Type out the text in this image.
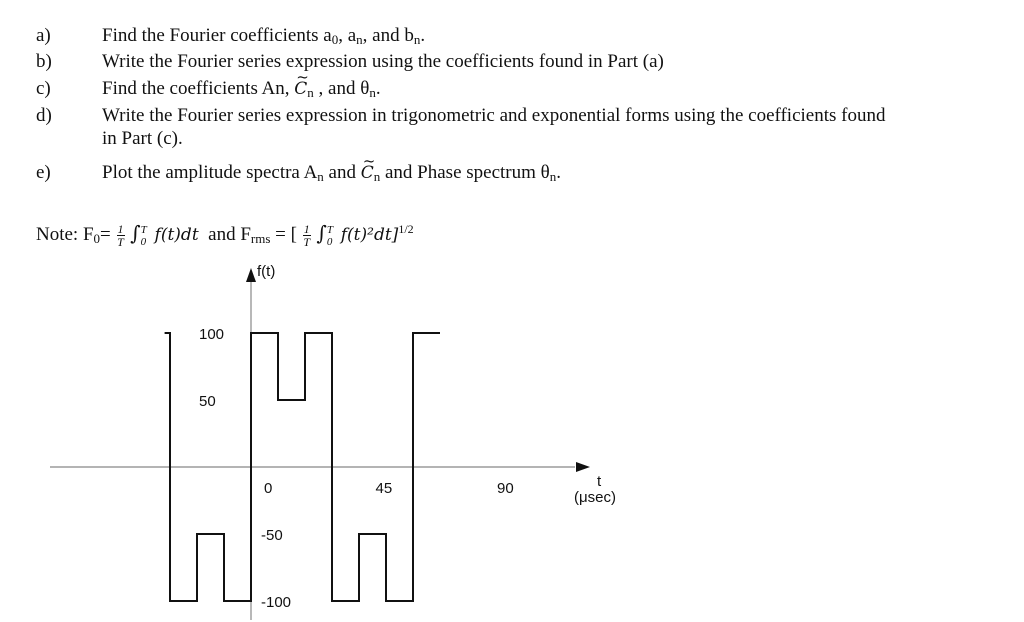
a)	Find the Fourier coefficients $a_0$, $a_n$, and $b_n$.
b)	Write the Fourier series expression using the coefficients found in Part (a)
c)	Find the coefficients An, ~ $C_n$ , and $\theta_n$.
d)	Write the Fourier series expression in trigonometric and exponential forms using the coefficients found
in Part (c).
e)	Plot the amplitude spectra $A_n$ and ~ $C_n$ and Phase spectrum $\theta_n$.
Note: $F_0= \frac{1}{T}$ ∫ T
0 f(t)dt and $F_{rms}$ = [ $\frac{1}{T}$ ∫ T
0 f(t)²dt]$^{1/2}$
f(t)
100
50
-50
-100
0	45	90	t
(μsec)
